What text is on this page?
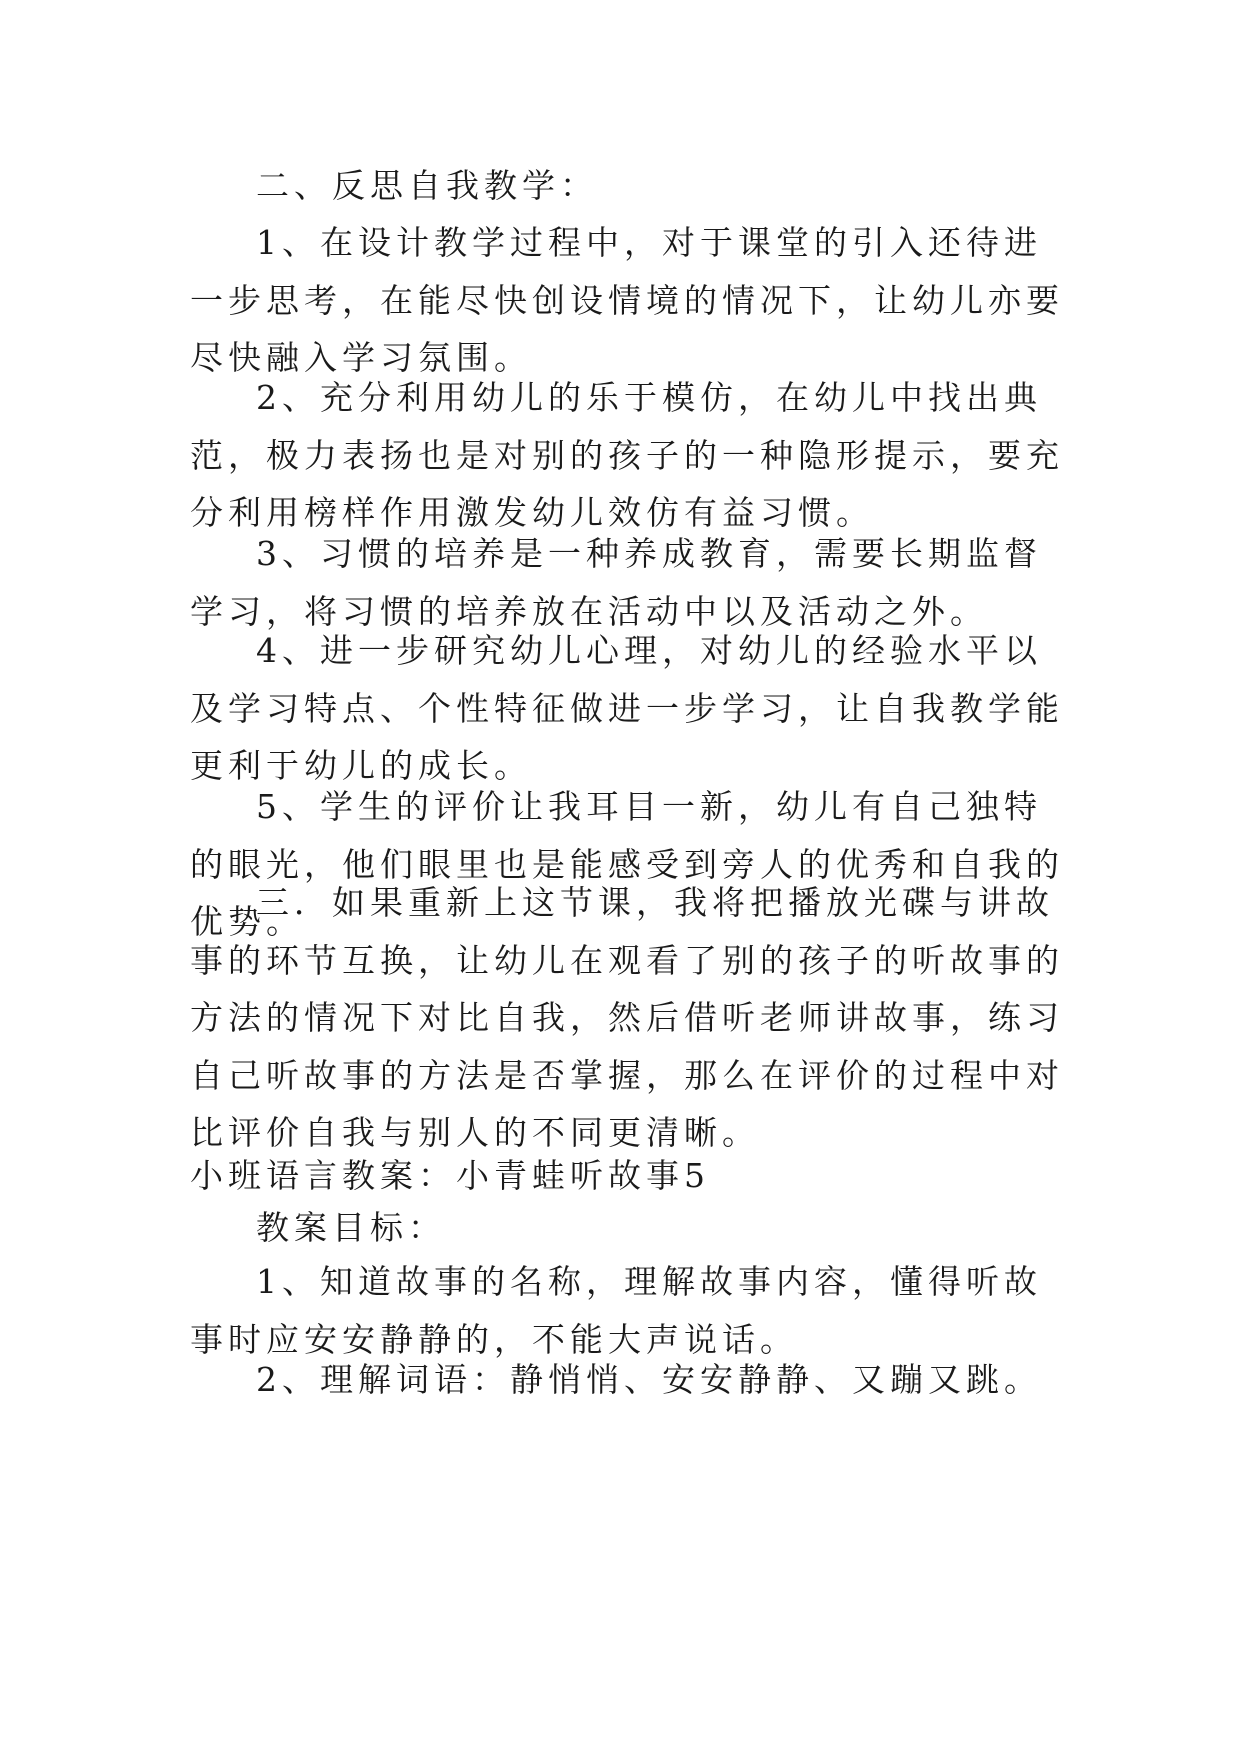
二、反思自我教学：

1、在设计教学过程中，对于课堂的引入还待进一步思考，在能尽快创设情境的情况下，让幼儿亦要尽快融入学习氛围。

2、充分利用幼儿的乐于模仿，在幼儿中找出典范，极力表扬也是对别的孩子的一种隐形提示，要充分利用榜样作用激发幼儿效仿有益习惯。

3、习惯的培养是一种养成教育，需要长期监督学习，将习惯的培养放在活动中以及活动之外。

4、进一步研究幼儿心理，对幼儿的经验水平以及学习特点、个性特征做进一步学习，让自我教学能更利于幼儿的成长。

5、学生的评价让我耳目一新，幼儿有自己独特的眼光，他们眼里也是能感受到旁人的优秀和自我的优势。

三．如果重新上这节课，我将把播放光碟与讲故事的环节互换，让幼儿在观看了别的孩子的听故事的方法的情况下对比自我，然后借听老师讲故事，练习自己听故事的方法是否掌握，那么在评价的过程中对比评价自我与别人的不同更清晰。

小班语言教案：小青蛙听故事5

教案目标：

1、知道故事的名称，理解故事内容，懂得听故事时应安安静静的，不能大声说话。

2、理解词语：静悄悄、安安静静、又蹦又跳。
